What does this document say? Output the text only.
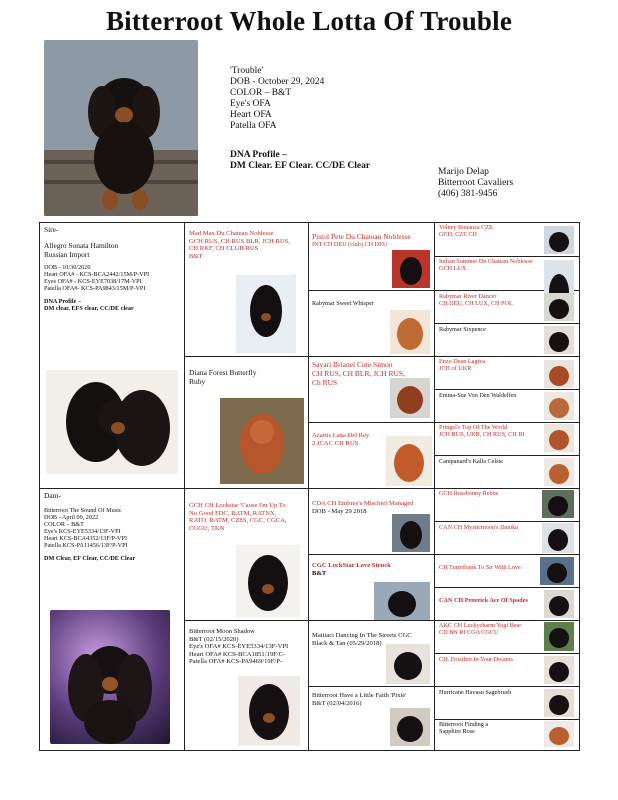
Bitterroot Whole Lotta Of Trouble
'Trouble'
DOB - October 29, 2024
COLOR – B&T
Eye's OFA
Heart OFA
Patella OFA
DNA Profile –
DM Clear. EF Clear. CC/DE Clear
Marijo Delap
Bitterroot Cavaliers
(406) 381-9456
Sire-
Allegro Sonata Hamilton
Russian Import
DOB - 10/30/2020
Heart OFA# - KCS-BCA2442/15M/P-VPI
Eyes OFA# - KCS-EYE7038/17M-VPI
Patella OFA#- KCS-PA9843/15M/P-VPI
DNA Profile –
DM clear, EFS clear, CC/DE clear
Dam-
Bitterroot The Sound Of Music
DOB - April 09, 2022
COLOR – B&T
Eye's KCS-EYE5334/13F-VPI
Heart KCS-BCA4352/13F/P-VPI
Patella KCS-PA11456/13F/P-VPI
DM Clear, EF Clear, CC/DE Clear
Mad Max Du Chateau Noblesse
GCH RUS, CH RUS BLR, JCH RUS,
CH RKF, CH CLUB RUS
B&T
Diana Forest Butterfly
Ruby
GCH CH Lockstar 'Cause I'm Up To
No Good FDC, RATM, RATNX,
RATO, RATM, CZ8S, CGC, CGCA,
CGGU, TKN
Bitterroot Moon Shadow
B&T (02/15/2020)
Eye's OFA# KCS-EYE5334/13F-VPI
Heart OFA# KCS-BCA1851/19F/C-
Patella OFA# KCS-PA9469/19F/P-
Pistol Pete Du Chateau Noblesse
INT CH DEU (club) CH DEU
Rabymar Sweet Whisper
Sayari Brianel Cute Simon
CH RUS, CH BLR, JCH RUS,
Ch RUS
Azartis Lana Del Rey
2 JCAC CH RUS
CDA CH Embree's Mischief Managed
DOB - May 29 2018
CGC LockStar Love Struck
B&T
Mattiaci Dancing In The Streets CGC
Black & Tan (05/29/2018)
Bitterroot Have a Little Faith 'Pixie'
B&T (02/04/2016)
Volney Bonanza CZE
GCH, CZE CH
Indian Summer Du Chateau Noblesse
GCH LUX
Rabymar River Dancer
CH DEU, CH LUX, CH POL
Rabymar Sixpence
Enzo Dean Lagiva
JCH of UKR
Emma-Sue Von Den Waldelfen
Pringel's Top Of The World
JCH RUS, UKR, CH RUS, CH BI
Campanard's Kalla Celste
GCH Rossbonny Rebus
CAN CH Mysticmoon's Danika
CH Turretbank To Sir With Love
CAN CH Penerick Ace Of Spades
AKC CH Luckycharm Yogi Bear
CD BN RI CGA CGCU
CH. Frostfire In Your Dreams
Hurricane Havasu Sagebrush
Bitterroot Finding a
Sapphire Rose
